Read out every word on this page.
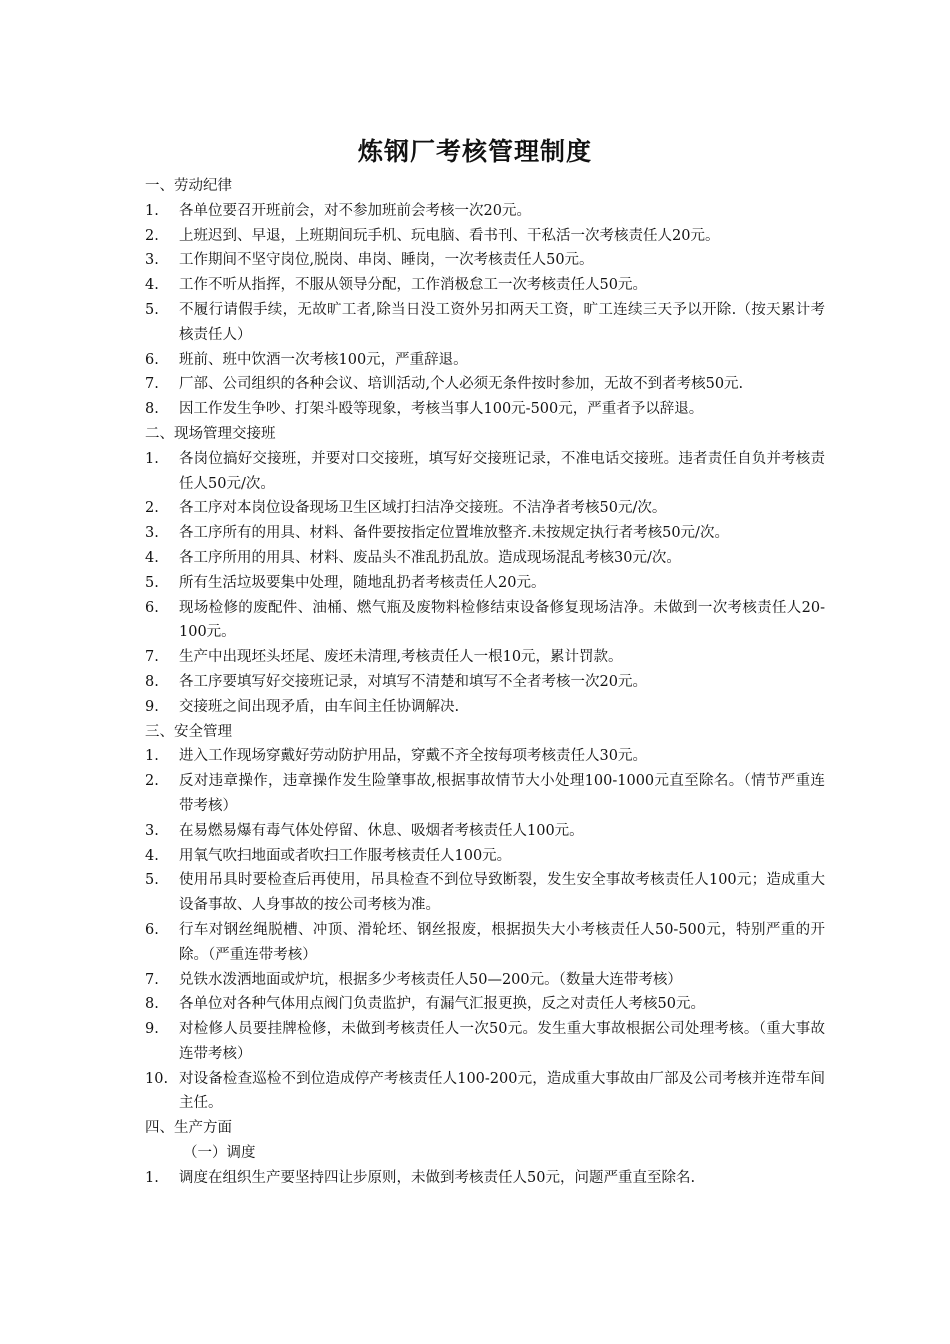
炼钢厂考核管理制度
一、劳动纪律
1.	各单位要召开班前会，对不参加班前会考核一次20元。
2.	上班迟到、早退，上班期间玩手机、玩电脑、看书刊、干私活一次考核责任人20元。
3.	工作期间不坚守岗位,脱岗、串岗、睡岗，一次考核责任人50元。
4.	工作不听从指挥，不服从领导分配，工作消极怠工一次考核责任人50元。
5.	不履行请假手续，无故旷工者,除当日没工资外另扣两天工资，旷工连续三天予以开除.（按天累计考核责任人）
6.	班前、班中饮酒一次考核100元，严重辞退。
7.	厂部、公司组织的各种会议、培训活动,个人必须无条件按时参加，无故不到者考核50元.
8.	因工作发生争吵、打架斗殴等现象，考核当事人100元-500元，严重者予以辞退。
二、现场管理交接班
1.	各岗位搞好交接班，并要对口交接班，填写好交接班记录，不准电话交接班。违者责任自负并考核责任人50元/次。
2.	各工序对本岗位设备现场卫生区域打扫洁净交接班。不洁净者考核50元/次。
3.	各工序所有的用具、材料、备件要按指定位置堆放整齐.未按规定执行者考核50元/次。
4.	各工序所用的用具、材料、废品头不准乱扔乱放。造成现场混乱考核30元/次。
5.	所有生活垃圾要集中处理，随地乱扔者考核责任人20元。
6.	现场检修的废配件、油桶、燃气瓶及废物料检修结束设备修复现场洁净。未做到一次考核责任人20-100元。
7.	生产中出现坯头坯尾、废坯未清理,考核责任人一根10元，累计罚款。
8.	各工序要填写好交接班记录，对填写不清楚和填写不全者考核一次20元。
9.	交接班之间出现矛盾，由车间主任协调解决.
三、安全管理
1.	进入工作现场穿戴好劳动防护用品，穿戴不齐全按每项考核责任人30元。
2.	反对违章操作，违章操作发生险肇事故,根据事故情节大小处理100-1000元直至除名。（情节严重连带考核）
3.	在易燃易爆有毒气体处停留、休息、吸烟者考核责任人100元。
4.	用氧气吹扫地面或者吹扫工作服考核责任人100元。
5.	使用吊具时要检查后再使用，吊具检查不到位导致断裂，发生安全事故考核责任人100元；造成重大设备事故、人身事故的按公司考核为准。
6.	行车对钢丝绳脱槽、冲顶、滑轮坯、钢丝报废，根据损失大小考核责任人50-500元，特别严重的开除。（严重连带考核）
7.	兑铁水泼洒地面或炉坑，根据多少考核责任人50—200元。（数量大连带考核）
8.	各单位对各种气体用点阀门负责监护，有漏气汇报更换，反之对责任人考核50元。
9.	对检修人员要挂牌检修，未做到考核责任人一次50元。发生重大事故根据公司处理考核。（重大事故连带考核）
10. 对设备检查巡检不到位造成停产考核责任人100-200元，造成重大事故由厂部及公司考核并连带车间主任。
四、生产方面
（一）调度
1.	调度在组织生产要坚持四让步原则，未做到考核责任人50元，问题严重直至除名.
